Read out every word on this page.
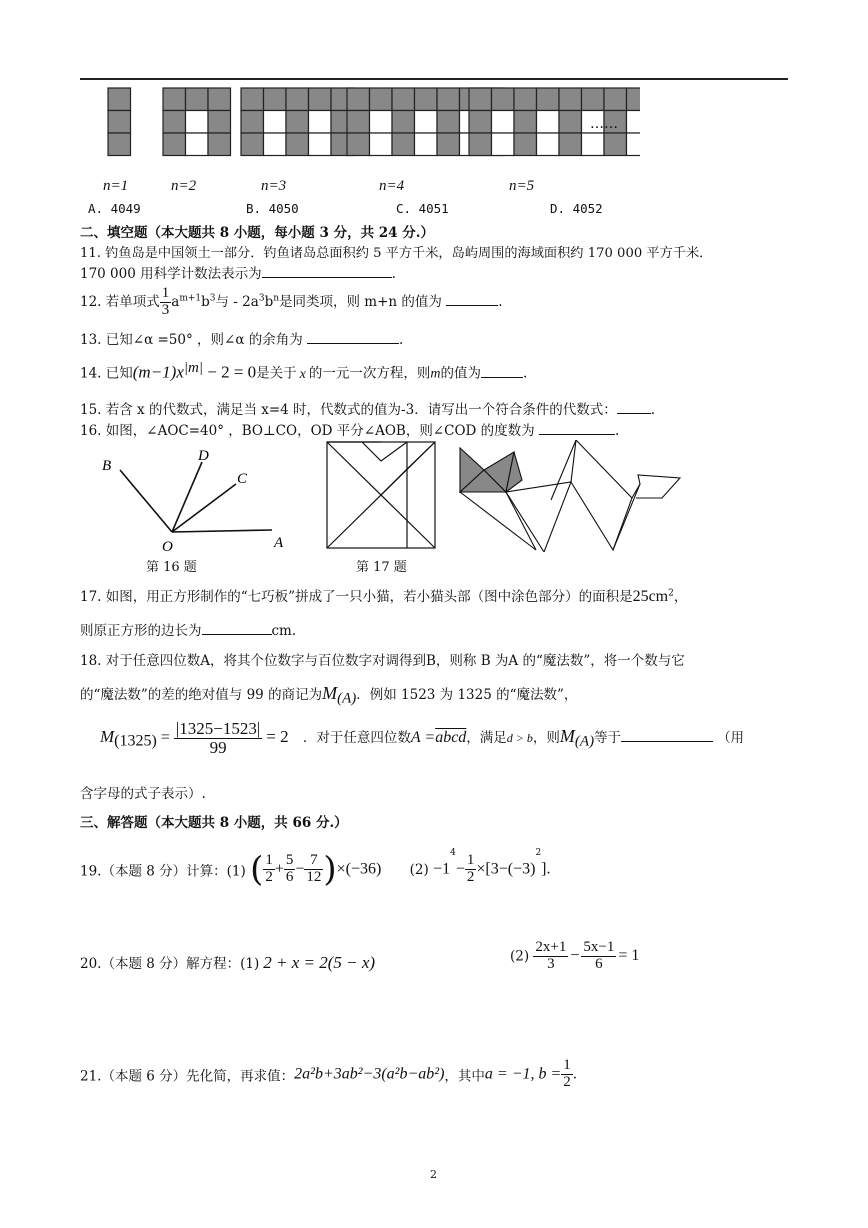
……
n=1	n=2	n=3	n=4	n=5
A. 4049	B. 4050	C. 4051	D. 4052
二、填空题（本大题共 8 小题，每小题 3 分，共 24 分.）
11. 钓鱼岛是中国领土一部分．钓鱼诸岛总面积约 5 平方千米，岛屿周围的海域面积约 170 000 平方千米．
170 000 用科学计数法表示为	.
12. 若单项式 $\frac{1}{3} a^{m+1}b^3$与 - $2a^3b^n$是同类项，则 m+n 的值为	.
13. 已知∠α =50° ，则∠α 的余角为	.
14. 已知$(m-1)x^{|m|} - 2 = 0$是关于 x 的一元一次方程，则m的值为	.
15. 若含 x 的代数式，满足当 x=4 时，代数式的值为-3．请写出一个符合条件的代数式：	.
16. 如图，∠AOC=40° ，BO⊥CO，OD 平分∠AOB，则∠COD 的度数为	.
B
D
C
O	A
第 16 题	第 17 题
17. 如图，用正方形制作的“七巧板”拼成了一只小猫，若小猫头部（图中涂色部分）的面积是$25cm^2$，
则原正方形的边长为	cm.
18. 对于任意四位数A，将其个位数字与百位数字对调得到B，则称 B 为A 的“魔法数”，将一个数与它
的“魔法数”的差的绝对值与 99 的商记为$M_{(A)}$．例如 1523 为 1325 的“魔法数”，
$M_{(1325)} = \frac{|1325-1523|}{99} = 2$ ．对于任意四位数A =abcd，满足d > b，则$M_{(A)}$等于	（用
含字母的式子表示）.
三、解答题（本大题共 8 小题，共 66 分.）
19.（本题 8 分）计算：(1) ( $\frac{1}{2} + \frac{5}{6} - \frac{7}{12} )\times(-36)$ $(2) -1^4- \frac{1}{2} \times[3-(-3)^2]$.
20.（本题 8 分）解方程：(1) 2 + x = 2(5 − x)	$(2) \frac{2x+1}{3} - \frac{5x-1}{6} = 1$
21.（本题 6 分）先化简，再求值：2a²b+3ab²−3(a²b−ab²)，其中a = −1, $b = \frac{1}{2}$ .
2
